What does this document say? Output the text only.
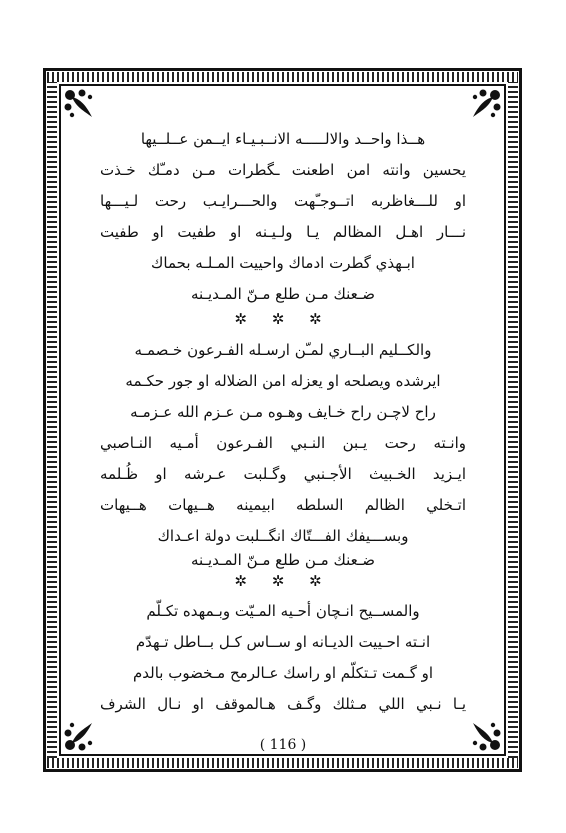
هــذا واحــد والالـــــه الانــبـيـاء ايــمن عــلــيها
يحسين وانته امن اطعنت ـگطرات مـن دمـّك خـذت
او للـــغاظربه اتــوجـّهت والحـــرايـب رحت لـيـــها
نـــار اهـل المظالم يـا ولـيـنه او طفيت او طفيت
ابـهذي گطرت ادماك واحييت المـلـه بحماك
ضـعنك مـن طلع مـنّ المـديـنه
✲ ✲ ✲
والكــليم البــاري لمـّن ارسـله الفـرعون خـصمـه
ايرشده ويصلحه او يعزله امن الضلاله او جور حكـمه
راح لاچـن راح خـايف وهـوه مـن عـزم الله عـزمـه
وانـته رحت يـبن النـبي الفـرعون أمـيه النـاصبي
ايـزيد الخـبيث الأجـنبي وگـلبت عـرشه او ظُـلمه
اتـخلي الظالم السلطه ابيمينه هــيهات هــيهات
وبســـيفك الفـــتّاك انگــلبت دولة اعـداك
ضـعنك مـن طلع مـنّ المـديـنه
✲ ✲ ✲
والمســيح انـچان أحـيه المـيّت وبـمهده تكـلّم
انـته احـييت الديـانه او ســاس كـل بــاطل تـهدّم
او گـمت تـتكلّم او راسك عـالرمح مـخضوب بالدم
يـا نـبي اللي مـثلك وگـف هـالموقف او نـال الشرف
( 116 )
